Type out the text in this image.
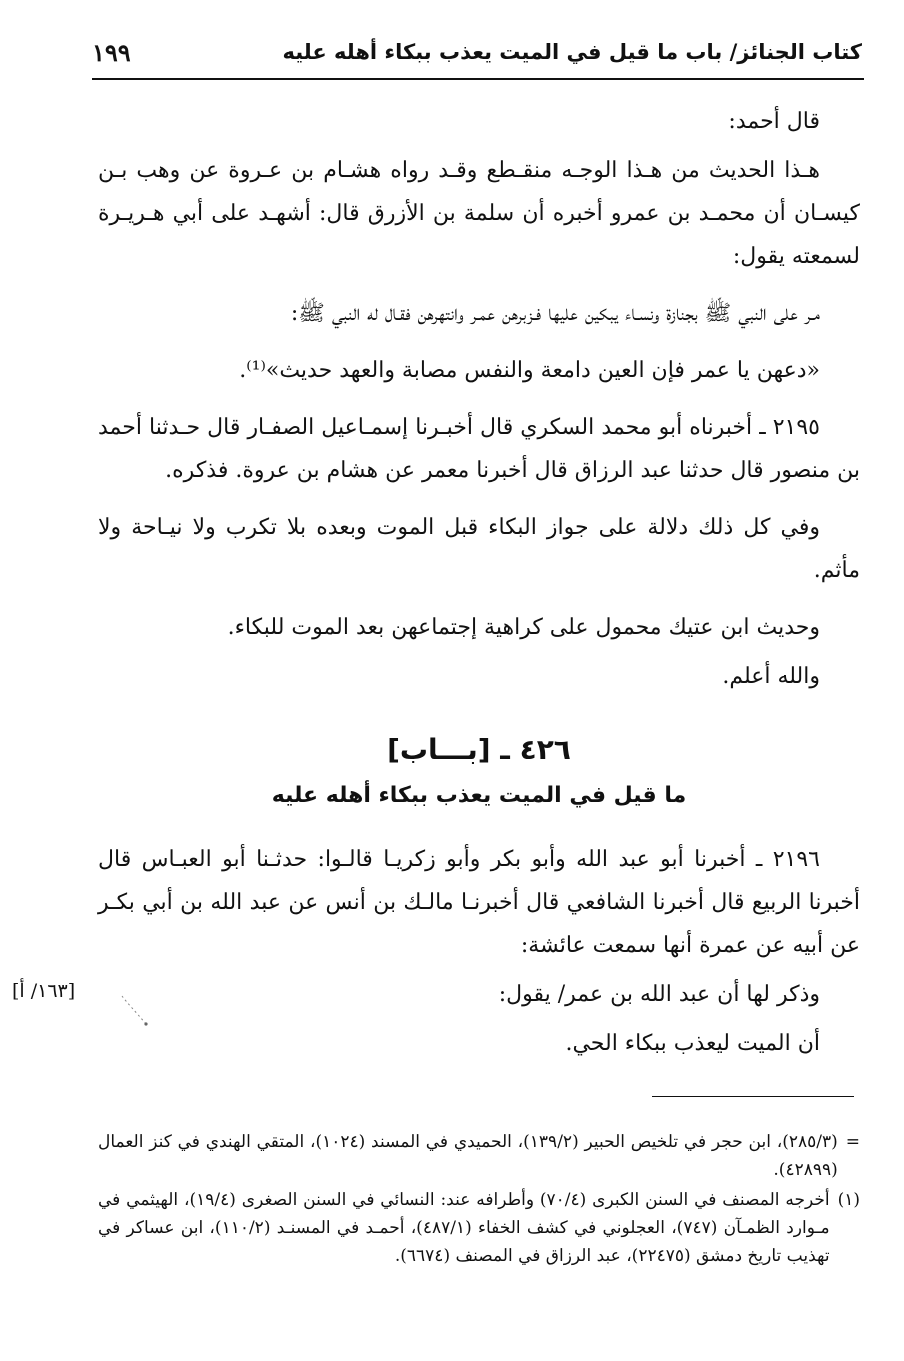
كتاب الجنائز/ باب ما قيل في الميت يعذب ببكاء أهله عليه
١٩٩

قال أحمد:

هـذا الحديث من هـذا الوجـه منقـطع وقـد رواه هشـام بن عـروة عن وهب بـن كيسـان أن محمـد بن عمرو أخبره أن سلمة بن الأزرق قال: أشهـد على أبي هـريـرة لسمعته يقول:

مـر على النبي ﷺ بجنازة ونسـاء يبكين عليها فـزبرهن عمـر وانتهرهن فقـال له النبي ﷺ:

«دعهن يا عمر فإن العين دامعة والنفس مصابة والعهد حديث»⁽¹⁾.

٢١٩٥ ـ أخبرناه أبو محمد السكري قال أخبـرنا إسمـاعيل الصفـار قال حـدثنا أحمد بن منصور قال حدثنا عبد الرزاق قال أخبرنا معمر عن هشام بن عروة. فذكره.

وفي كل ذلك دلالة على جواز البكاء قبل الموت وبعده بلا تكرب ولا نيـاحة ولا مأثم.

وحديث ابن عتيك محمول على كراهية إجتماعهن بعد الموت للبكاء.

والله أعلم.

٤٢٦ ـ [بـــاب]
ما قيل في الميت يعذب ببكاء أهله عليه

٢١٩٦ ـ أخبرنا أبو عبد الله وأبو بكر وأبو زكريـا قالـوا: حدثـنا أبو العبـاس قال أخبرنا الربيع قال أخبرنا الشافعي قال أخبرنـا مالـك بن أنس عن عبد الله بن أبي بكـر عن أبيه عن عمرة أنها سمعت عائشة:

وذكر لها أن عبد الله بن عمر/ يقول:

أن الميت ليعذب ببكاء الحي.

[١٦٣/ أ]
=
(٢٨٥/٣)، ابن حجر في تلخيص الحبير (١٣٩/٢)، الحميدي في المسند (١٠٢٤)، المتقي الهندي في كنز العمال (٤٢٨٩٩).
(١)
أخرجه المصنف في السنن الكبرى (٧٠/٤) وأطرافه عند: النسائي في السنن الصغرى (١٩/٤)، الهيثمي في مـوارد الظمـآن (٧٤٧)، العجلوني في كشف الخفاء (٤٨٧/١)، أحمـد في المسنـد (١١٠/٢)، ابن عساكر في تهذيب تاريخ دمشق (٢٢٤٧٥)، عبد الرزاق في المصنف (٦٦٧٤).
